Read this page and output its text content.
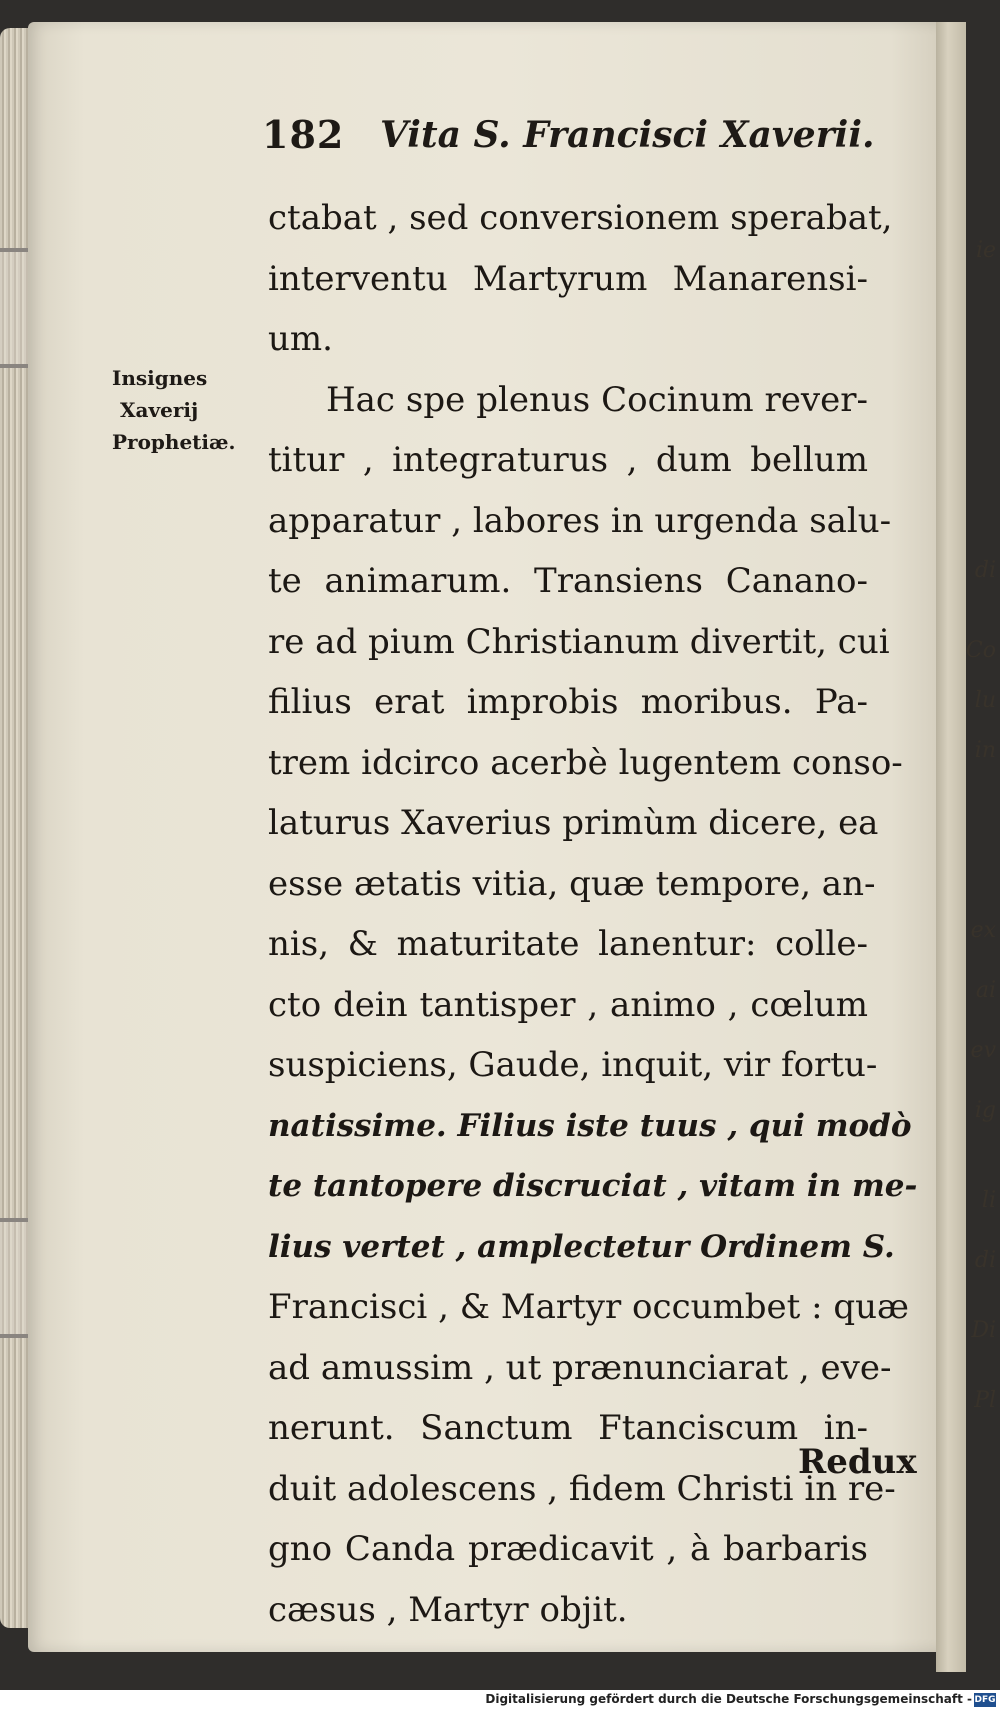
182 Vita S. Francisci Xaverii.
Insignes
Xaverij
Prophetiæ.
ctabat , sed conversionem sperabat,
interventu Martyrum Manarensi-
um.
Hac spe plenus Cocinum rever-
titur , integraturus , dum bellum
apparatur , labores in urgenda salu-
te animarum. Transiens Canano-
re ad pium Christianum divertit, cui
filius erat improbis moribus. Pa-
trem idcirco acerbè lugentem conso-
laturus Xaverius primùm dicere, ea
esse ætatis vitia, quæ tempore, an-
nis, & maturitate lanentur: colle-
cto dein tantisper , animo , cœlum
suspiciens, Gaude, inquit, vir fortu-
natissime. Filius iste tuus , qui modò
te tantopere discruciat , vitam in me-
lius vertet , amplectetur Ordinem S.
Francisci , & Martyr occumbet : quæ
ad amussim , ut prænunciarat , eve-
nerunt. Sanctum Ftanciscum in-
duit adolescens , fidem Christi in re-
gno Canda prædicavit , à barbaris
cæsus , Martyr objit.
Redux
ie
di
Co
lu
in
ex
ai
ev
ig
li
di
Di
Pl
Digitalisierung gefördert durch die Deutsche Forschungsgemeinschaft - DFG
